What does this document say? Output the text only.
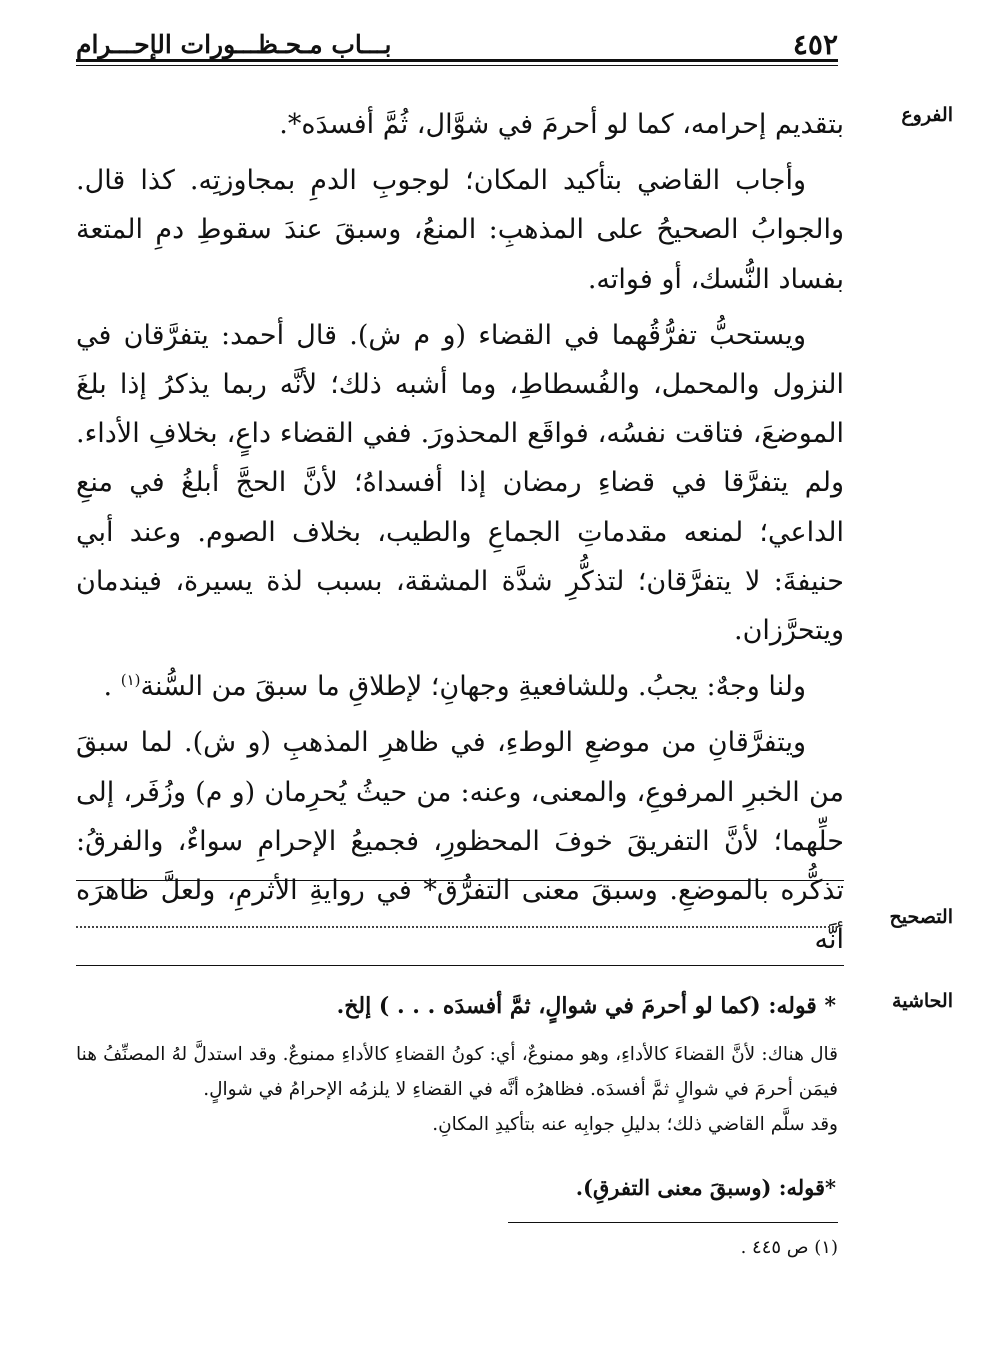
٤٥٢
بـــاب مـحـظـــورات الإحـــرام
الفروع

بتقديم إحرامه، كما لو أحرمَ في شوَّال، ثُمَّ أفسدَه*.

وأجاب القاضي بتأكيد المكان؛ لوجوبِ الدمِ بمجاوزتِه. كذا قال. والجوابُ الصحيحُ على المذهبِ: المنعُ، وسبقَ عندَ سقوطِ دمِ المتعة بفساد النُّسك، أو فواته.

ويستحبُّ تفرُّقُهما في القضاء (و م ش). قال أحمد: يتفرَّقان في النزول والمحمل، والفُسطاطِ، وما أشبه ذلك؛ لأنَّه ربما يذكرُ إذا بلغَ الموضعَ، فتاقت نفسُه، فواقَع المحذورَ. ففي القضاء داعٍ، بخلافِ الأداء. ولم يتفرَّقا في قضاءِ رمضان إذا أفسداهُ؛ لأنَّ الحجَّ أبلغُ في منعِ الداعي؛ لمنعه مقدماتِ الجماعِ والطيب، بخلاف الصوم. وعند أبي حنيفةَ: لا يتفرَّقان؛ لتذكُّرِ شدَّة المشقة، بسبب لذة يسيرة، فيندمان ويتحرَّزان.

ولنا وجهٌ: يجبُ. وللشافعيةِ وجهانِ؛ لإطلاقِ ما سبقَ من السُّنة$^{(١)}$ .

ويتفرَّقانِ من موضعِ الوطءِ، في ظاهرِ المذهبِ (و ش). لما سبقَ من الخبرِ المرفوعِ، والمعنى، وعنه: من حيثُ يُحرِمان (و م) وزُفَر، إلى حلِّهما؛ لأنَّ التفريقَ خوفَ المحظورِ، فجميعُ الإحرامِ سواءٌ، والفرقُ: تذكُّره بالموضعِ. وسبقَ معنى التفرُّق* في روايةِ الأثرمِ، ولعلَّ ظاهرَه أنَّه

التصحيح
الحاشية
* قوله: (كما لو أحرمَ في شوالٍ، ثمَّ أفسدَه . . . ) إلخ.

قال هناك: لأنَّ القضاءَ كالأداءِ، وهو ممنوعٌ، أي: كونُ القضاءِ كالأداءِ ممنوعٌ. وقد استدلَّ لهُ المصنِّفُ هنا فيمَن أحرمَ في شوالٍ ثمَّ أفسدَه. فظاهرُه أنَّه في القضاءِ لا يلزمُه الإحرامُ في شوالٍ.

وقد سلَّم القاضي ذلك؛ بدليلِ جوابِه عنه بتأكيدِ المكانِ.

*قوله: (وسبقَ معنى التفرقِ).
(١) ص ٤٤٥ .
